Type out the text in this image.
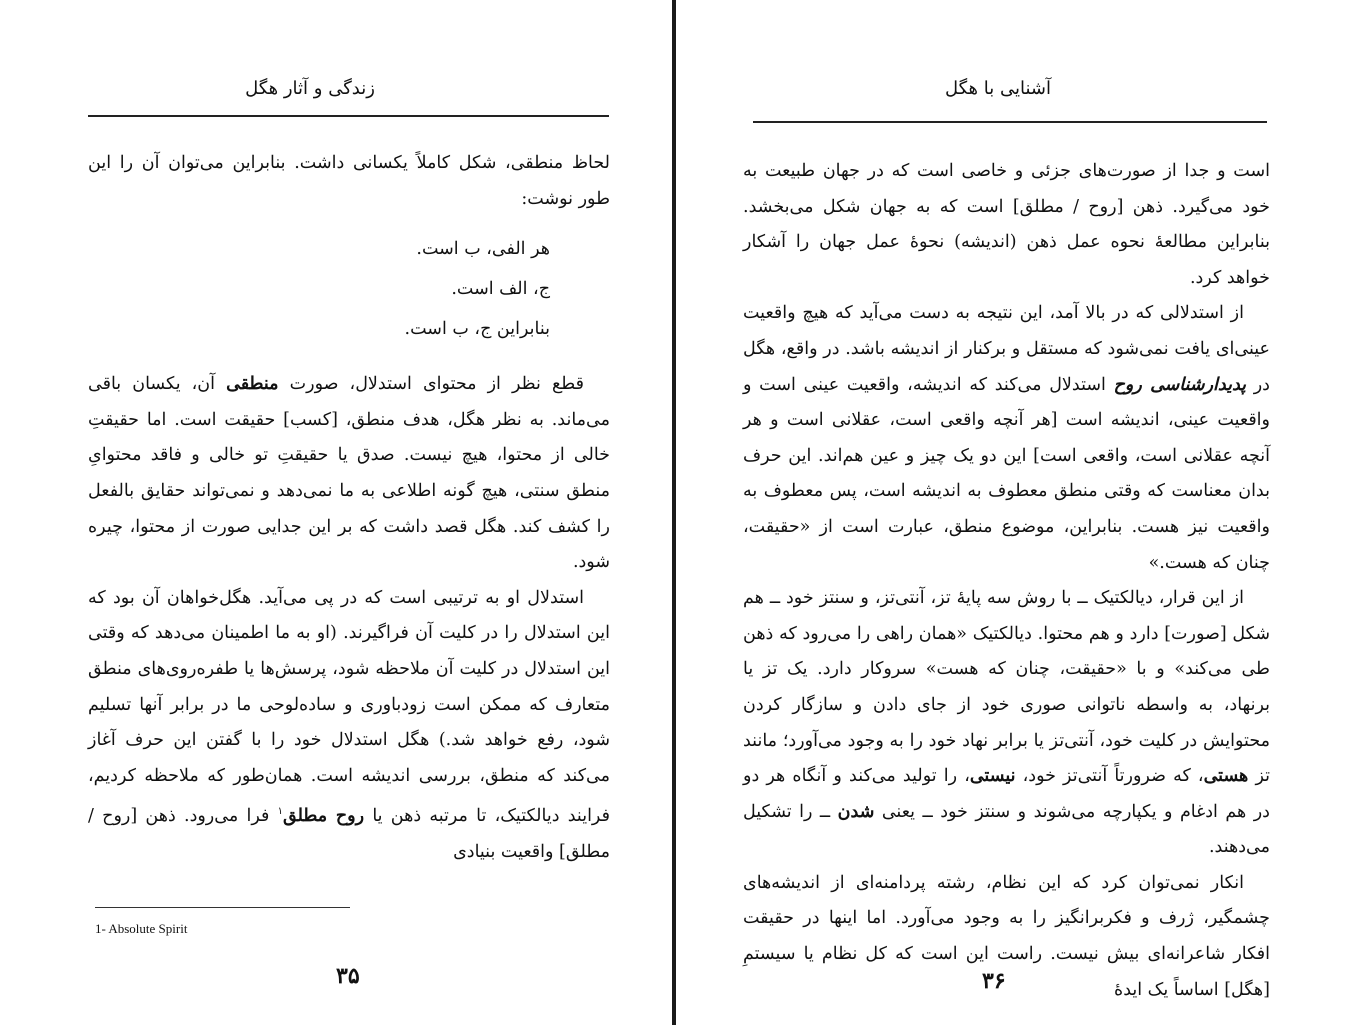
زندگی و آثار هگل

لحاظ منطقی، شکل کاملاً یکسانی داشت. بنابراین می‌توان آن را این طور نوشت:

هر الفی، ب است.

ج، الف است.

بنابراین ج، ب است.

قطع نظر از محتوای استدلال، صورت منطقی آن، یکسان باقی می‌ماند. به نظر هگل، هدف منطق، [کسب] حقیقت است. اما حقیقتِ خالی از محتوا، هیچ نیست. صدق یا حقیقتِ تو خالی و فاقد محتوایِ منطق سنتی، هیچ گونه اطلاعی به ما نمی‌دهد و نمی‌تواند حقایق بالفعل را کشف کند. هگل قصد داشت که بر این جدایی صورت از محتوا، چیره شود.

استدلال او به ترتیبی است که در پی می‌آید. هگل‌خواهان آن بود که این استدلال را در کلیت آن فراگیرند. (او به ما اطمینان می‌دهد که وقتی این استدلال در کلیت آن ملاحظه شود، پرسش‌ها یا طفره‌روی‌های منطق متعارف که ممکن است زودباوری و ساده‌لوحی ما در برابر آنها تسلیم شود، رفع خواهد شد.) هگل استدلال خود را با گفتن این حرف آغاز می‌کند که منطق، بررسی اندیشه است. همان‌طور که ملاحظه کردیم، فرایند دیالکتیک، تا مرتبه ذهن یا روح مطلق$^۱$ فرا می‌رود. ذهن [روح / مطلق] واقعیت بنیادی

1- Absolute Spirit
۳۵
آشنایی با هگل

است و جدا از صورت‌های جزئی و خاصی است که در جهان طبیعت به خود می‌گیرد. ذهن [روح / مطلق] است که به جهان شکل می‌بخشد. بنابراین مطالعهٔ نحوه عمل ذهن (اندیشه) نحوهٔ عمل جهان را آشکار خواهد کرد.

از استدلالی که در بالا آمد، این نتیجه به دست می‌آید که هیچ واقعیت عینی‌ای یافت نمی‌شود که مستقل و برکنار از اندیشه باشد. در واقع، هگل در پدیدارشناسی روح استدلال می‌کند که اندیشه، واقعیت عینی است و واقعیت عینی، اندیشه است [هر آنچه واقعی است، عقلانی است و هر آنچه عقلانی است، واقعی است] این دو یک چیز و عین هم‌اند. این حرف بدان معناست که وقتی منطق معطوف به اندیشه است، پس معطوف به واقعیت نیز هست. بنابراین، موضوع منطق، عبارت است از «حقیقت، چنان که هست.»

از این قرار، دیالکتیک ــ با روش سه پایهٔ تز، آنتی‌تز، و سنتز خود ــ هم شکل [صورت] دارد و هم محتوا. دیالکتیک «همان راهی را می‌رود که ذهن طی می‌کند» و با «حقیقت، چنان که هست» سروکار دارد. یک تز یا برنهاد، به واسطه ناتوانی صوری خود از جای دادن و سازگار کردن محتوایش در کلیت خود، آنتی‌تز یا برابر نهاد خود را به وجود می‌آورد؛ مانند تز هستی، که ضرورتاً آنتی‌تز خود، نیستی، را تولید می‌کند و آنگاه هر دو در هم ادغام و یکپارچه می‌شوند و سنتز خود ــ یعنی شدن ــ را تشکیل می‌دهند.

انکار نمی‌توان کرد که این نظام، رشته پردامنه‌ای از اندیشه‌های چشمگیر، ژرف و فکربرانگیز را به وجود می‌آورد. اما اینها در حقیقت افکار شاعرانه‌ای بیش نیست. راست این است که کل نظام یا سیستمِ [هگل] اساساً یک ایدهٔ

۳۶
